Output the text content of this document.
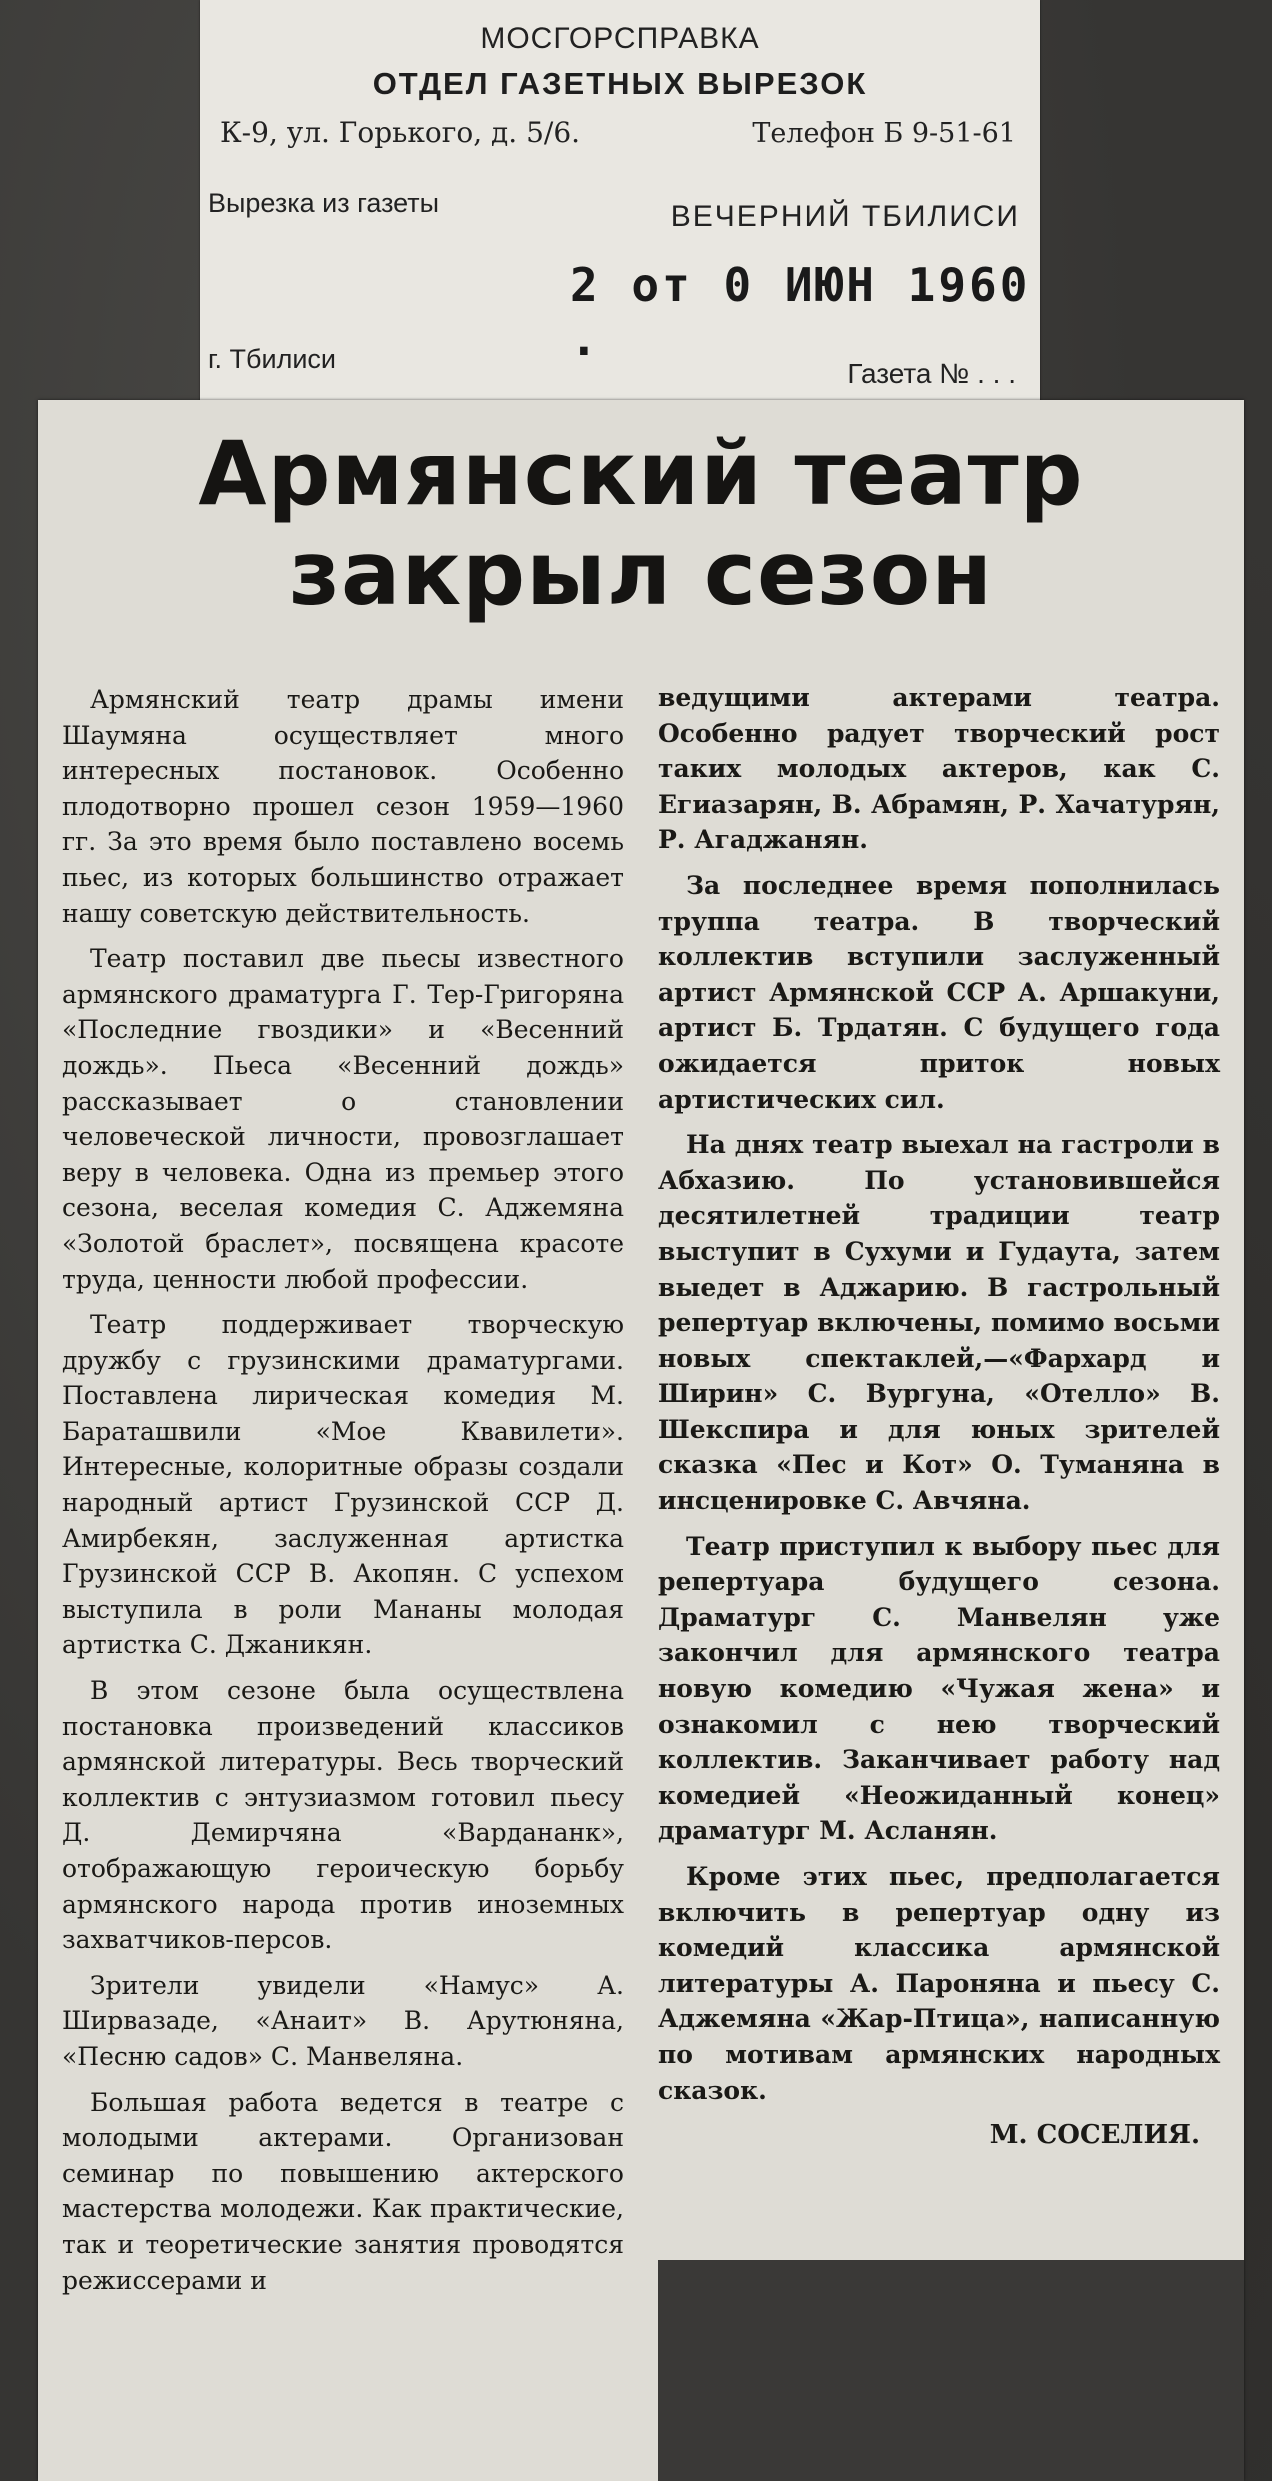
МОСГОРСПРАВКА
ОТДЕЛ ГАЗЕТНЫХ ВЫРЕЗОК
К-9, ул. Горького, д. 5/6.	Телефон Б 9-51-61
Вырезка из газеты	ВЕЧЕРНИЙ ТБИЛИСИ
2 от 0 ИЮН 1960 .
г. Тбилиси	Газета № . . .
Армянский театр
закрыл сезон

Армянский театр драмы имени Шаумяна осуществляет много интересных постановок. Особенно плодотворно прошел сезон 1959—1960 гг. За это время было поставлено восемь пьес, из которых большинство отражает нашу советскую действительность.

Театр поставил две пьесы известного армянского драматурга Г. Тер-Григоряна «Последние гвоздики» и «Весенний дождь». Пьеса «Весенний дождь» рассказывает о становлении человеческой личности, провозглашает веру в человека. Одна из премьер этого сезона, веселая комедия С. Аджемяна «Золотой браслет», посвящена красоте труда, ценности любой профессии.

Театр поддерживает творческую дружбу с грузинскими драматургами. Поставлена лирическая комедия М. Бараташвили «Мое Квавилети». Интересные, колоритные образы создали народный артист Грузинской ССР Д. Амирбекян, заслуженная артистка Грузинской ССР В. Акопян. С успехом выступила в роли Мананы молодая артистка С. Джаникян.

В этом сезоне была осуществлена постановка произведений классиков армянской литературы. Весь творческий коллектив с энтузиазмом готовил пьесу Д. Демирчяна «Вардананк», отображающую героическую борьбу армянского народа против иноземных захватчиков-персов.

Зрители увидели «Намус» А. Ширвазаде, «Анаит» В. Арутюняна, «Песню садов» С. Манвеляна.

Большая работа ведется в театре с молодыми актерами. Организован семинар по повышению актерского мастерства молодежи. Как практические, так и теоретические занятия проводятся режиссерами и

ведущими актерами театра. Особенно радует творческий рост таких молодых актеров, как С. Егиазарян, В. Абрамян, Р. Хачатурян, Р. Агаджанян.

За последнее время пополнилась труппа театра. В творческий коллектив вступили заслуженный артист Армянской ССР А. Аршакуни, артист Б. Трдатян. С будущего года ожидается приток новых артистических сил.

На днях театр выехал на гастроли в Абхазию. По установившейся десятилетней традиции театр выступит в Сухуми и Гудаута, затем выедет в Аджарию. В гастрольный репертуар включены, помимо восьми новых спектаклей,—«Фархард и Ширин» С. Вургуна, «Отелло» В. Шекспира и для юных зрителей сказка «Пес и Кот» О. Туманяна в инсценировке С. Авчяна.

Театр приступил к выбору пьес для репертуара будущего сезона. Драматург С. Манвелян уже закончил для армянского театра новую комедию «Чужая жена» и ознакомил с нею творческий коллектив. Заканчивает работу над комедией «Неожиданный конец» драматург М. Асланян.

Кроме этих пьес, предполагается включить в репертуар одну из комедий классика армянской литературы А. Пароняна и пьесу С. Аджемяна «Жар-Птица», написанную по мотивам армянских народных сказок.

М. СОСЕЛИЯ.
